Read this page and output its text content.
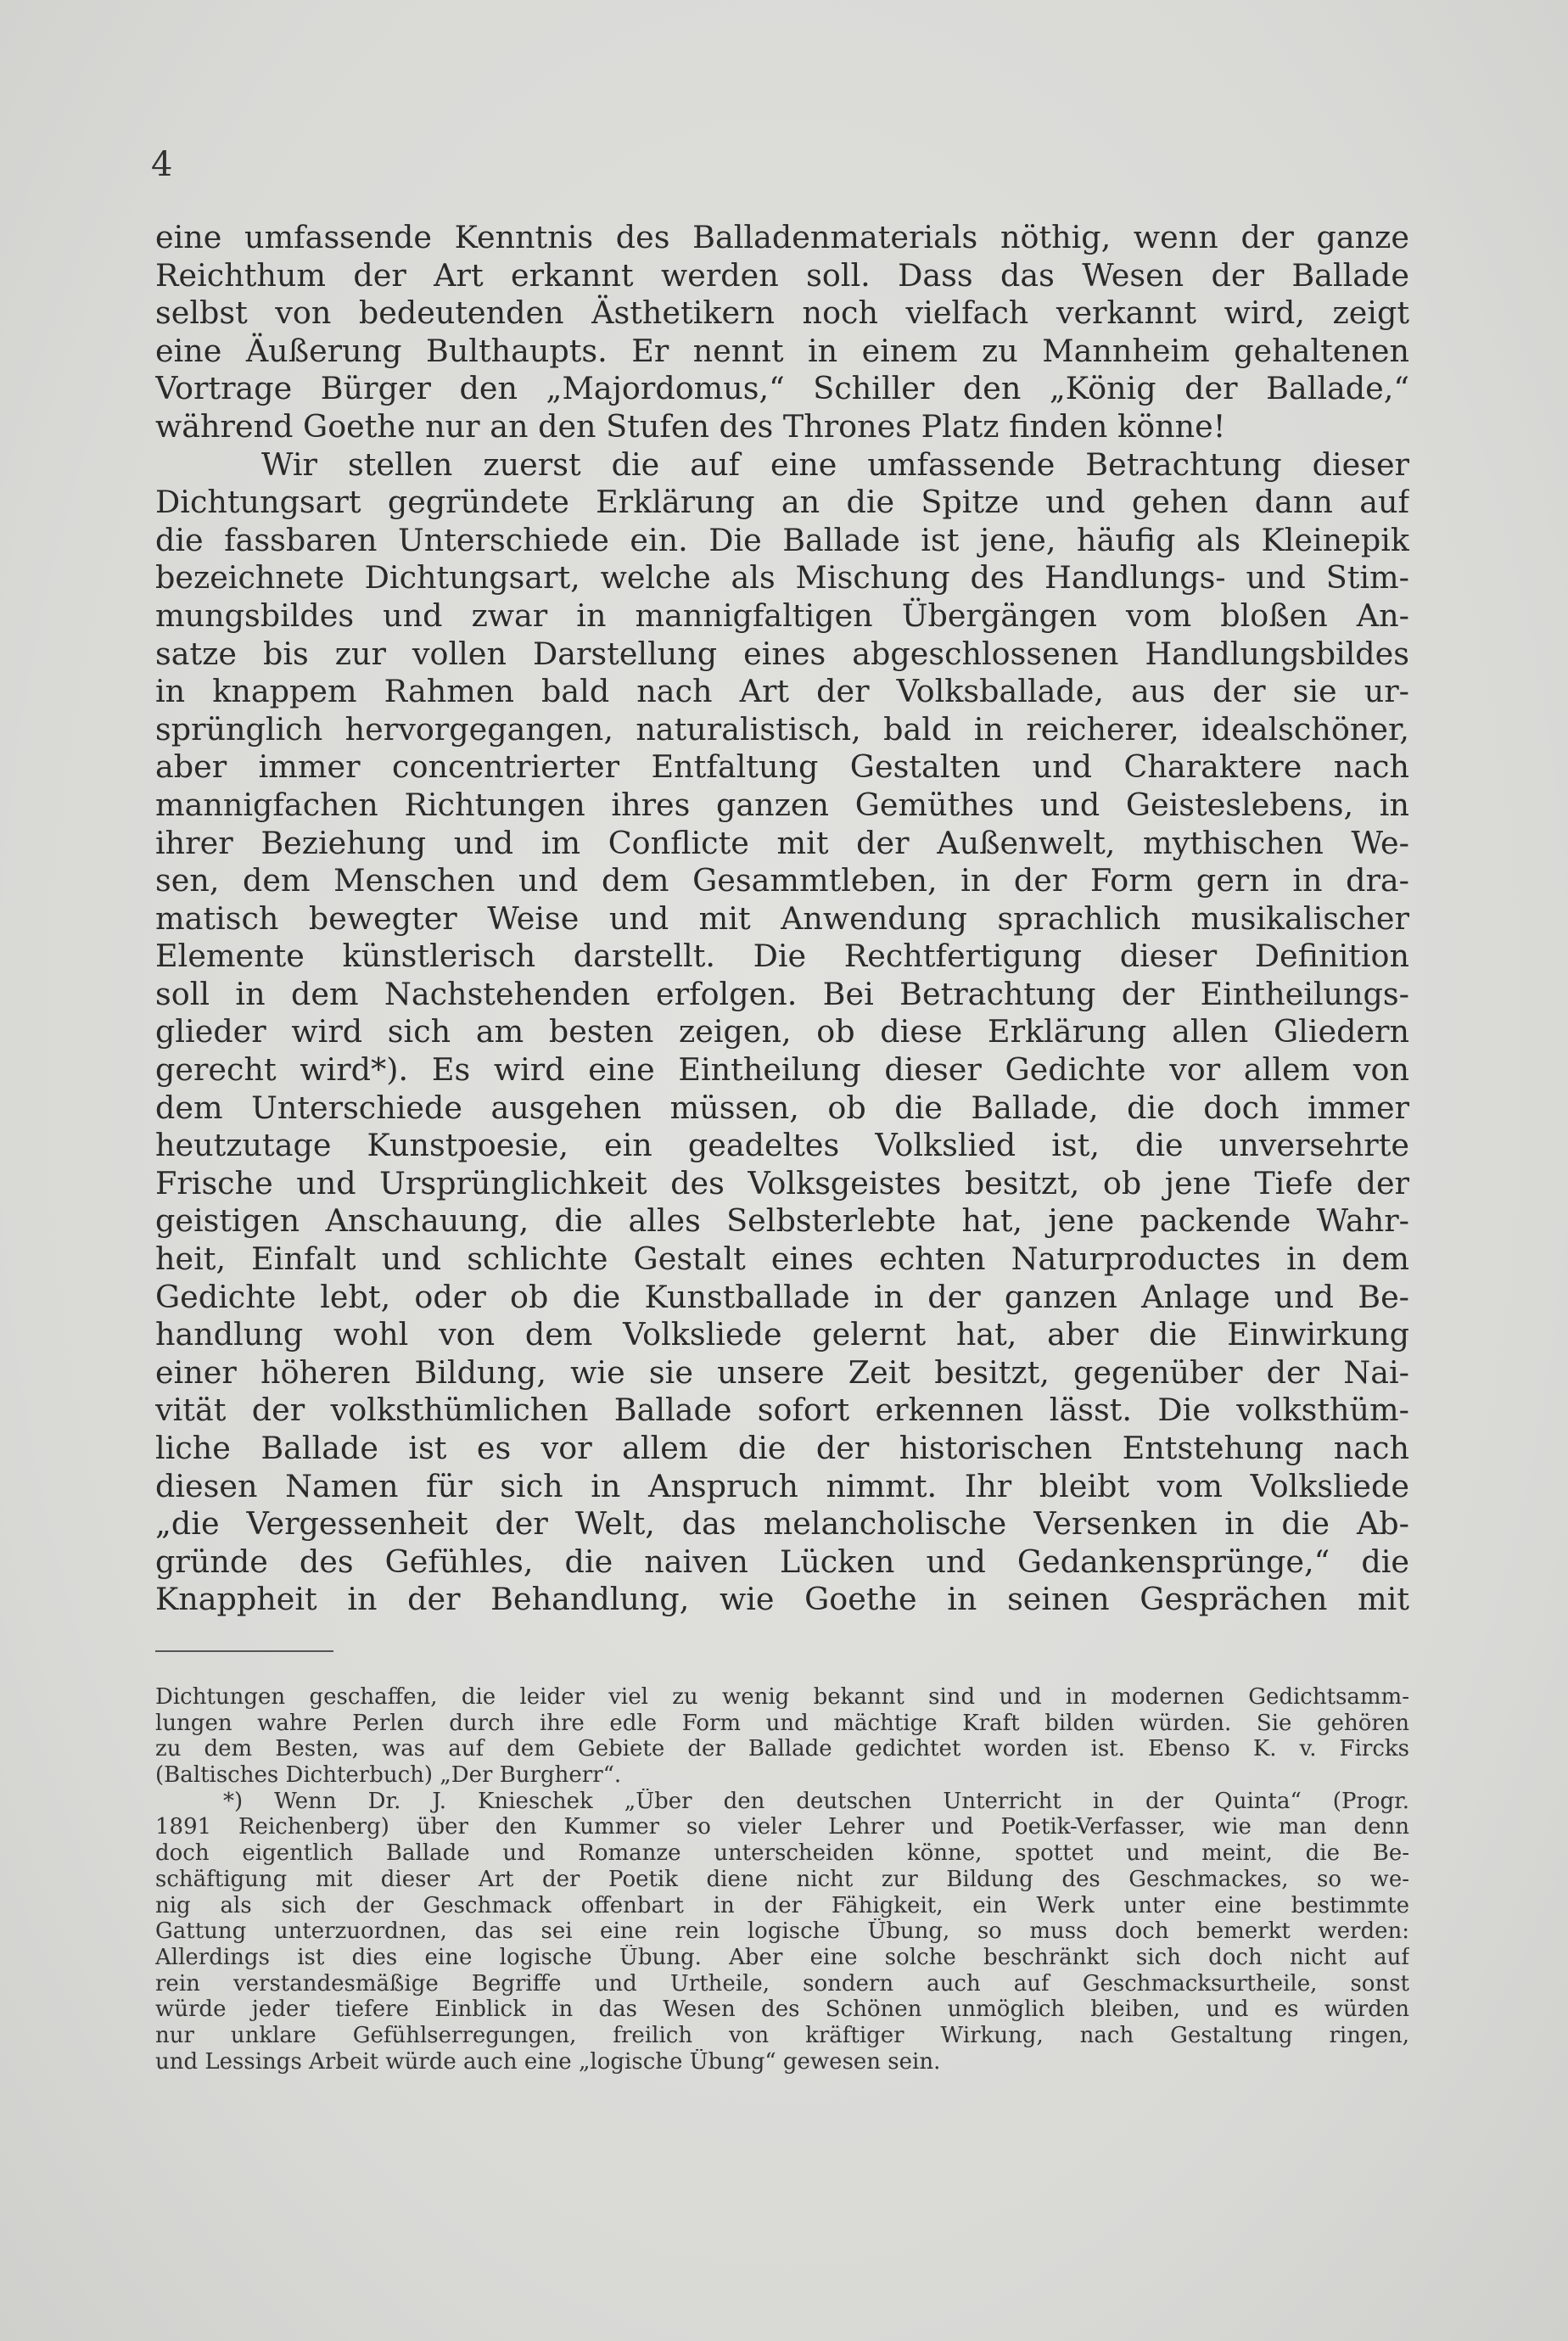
4
eine umfassende Kenntnis des Balladenmaterials nöthig, wenn der ganze
Reichthum der Art erkannt werden soll. Dass das Wesen der Ballade
selbst von bedeutenden Ästhetikern noch vielfach verkannt wird, zeigt
eine Äußerung Bulthaupts. Er nennt in einem zu Mannheim gehaltenen
Vortrage Bürger den „Majordomus,“ Schiller den „König der Ballade,“
während Goethe nur an den Stufen des Thrones Platz finden könne!
Wir stellen zuerst die auf eine umfassende Betrachtung dieser
Dichtungsart gegründete Erklärung an die Spitze und gehen dann auf
die fassbaren Unterschiede ein. Die Ballade ist jene, häufig als Kleinepik
bezeichnete Dichtungsart, welche als Mischung des Handlungs- und Stim-
mungsbildes und zwar in mannigfaltigen Übergängen vom bloßen An-
satze bis zur vollen Darstellung eines abgeschlossenen Handlungsbildes
in knappem Rahmen bald nach Art der Volksballade, aus der sie ur-
sprünglich hervorgegangen, naturalistisch, bald in reicherer, idealschöner,
aber immer concentrierter Entfaltung Gestalten und Charaktere nach
mannigfachen Richtungen ihres ganzen Gemüthes und Geisteslebens, in
ihrer Beziehung und im Conflicte mit der Außenwelt, mythischen We-
sen, dem Menschen und dem Gesammtleben, in der Form gern in dra-
matisch bewegter Weise und mit Anwendung sprachlich musikalischer
Elemente künstlerisch darstellt. Die Rechtfertigung dieser Definition
soll in dem Nachstehenden erfolgen. Bei Betrachtung der Eintheilungs-
glieder wird sich am besten zeigen, ob diese Erklärung allen Gliedern
gerecht wird*). Es wird eine Eintheilung dieser Gedichte vor allem von
dem Unterschiede ausgehen müssen, ob die Ballade, die doch immer
heutzutage Kunstpoesie, ein geadeltes Volkslied ist, die unversehrte
Frische und Ursprünglichkeit des Volksgeistes besitzt, ob jene Tiefe der
geistigen Anschauung, die alles Selbsterlebte hat, jene packende Wahr-
heit, Einfalt und schlichte Gestalt eines echten Naturproductes in dem
Gedichte lebt, oder ob die Kunstballade in der ganzen Anlage und Be-
handlung wohl von dem Volksliede gelernt hat, aber die Einwirkung
einer höheren Bildung, wie sie unsere Zeit besitzt, gegenüber der Nai-
vität der volksthümlichen Ballade sofort erkennen lässt. Die volksthüm-
liche Ballade ist es vor allem die der historischen Entstehung nach
diesen Namen für sich in Anspruch nimmt. Ihr bleibt vom Volksliede
„die Vergessenheit der Welt, das melancholische Versenken in die Ab-
gründe des Gefühles, die naiven Lücken und Gedankensprünge,“ die
Knappheit in der Behandlung, wie Goethe in seinen Gesprächen mit
Dichtungen geschaffen, die leider viel zu wenig bekannt sind und in modernen Gedichtsamm-
lungen wahre Perlen durch ihre edle Form und mächtige Kraft bilden würden. Sie gehören
zu dem Besten, was auf dem Gebiete der Ballade gedichtet worden ist. Ebenso K. v. Fircks
(Baltisches Dichterbuch) „Der Burgherr“.
*) Wenn Dr. J. Knieschek „Über den deutschen Unterricht in der Quinta“ (Progr.
1891 Reichenberg) über den Kummer so vieler Lehrer und Poetik-Verfasser, wie man denn
doch eigentlich Ballade und Romanze unterscheiden könne, spottet und meint, die Be-
schäftigung mit dieser Art der Poetik diene nicht zur Bildung des Geschmackes, so we-
nig als sich der Geschmack offenbart in der Fähigkeit, ein Werk unter eine bestimmte
Gattung unterzuordnen, das sei eine rein logische Übung, so muss doch bemerkt werden:
Allerdings ist dies eine logische Übung. Aber eine solche beschränkt sich doch nicht auf
rein verstandesmäßige Begriffe und Urtheile, sondern auch auf Geschmacksurtheile, sonst
würde jeder tiefere Einblick in das Wesen des Schönen unmöglich bleiben, und es würden
nur unklare Gefühlserregungen, freilich von kräftiger Wirkung, nach Gestaltung ringen,
und Lessings Arbeit würde auch eine „logische Übung“ gewesen sein.
